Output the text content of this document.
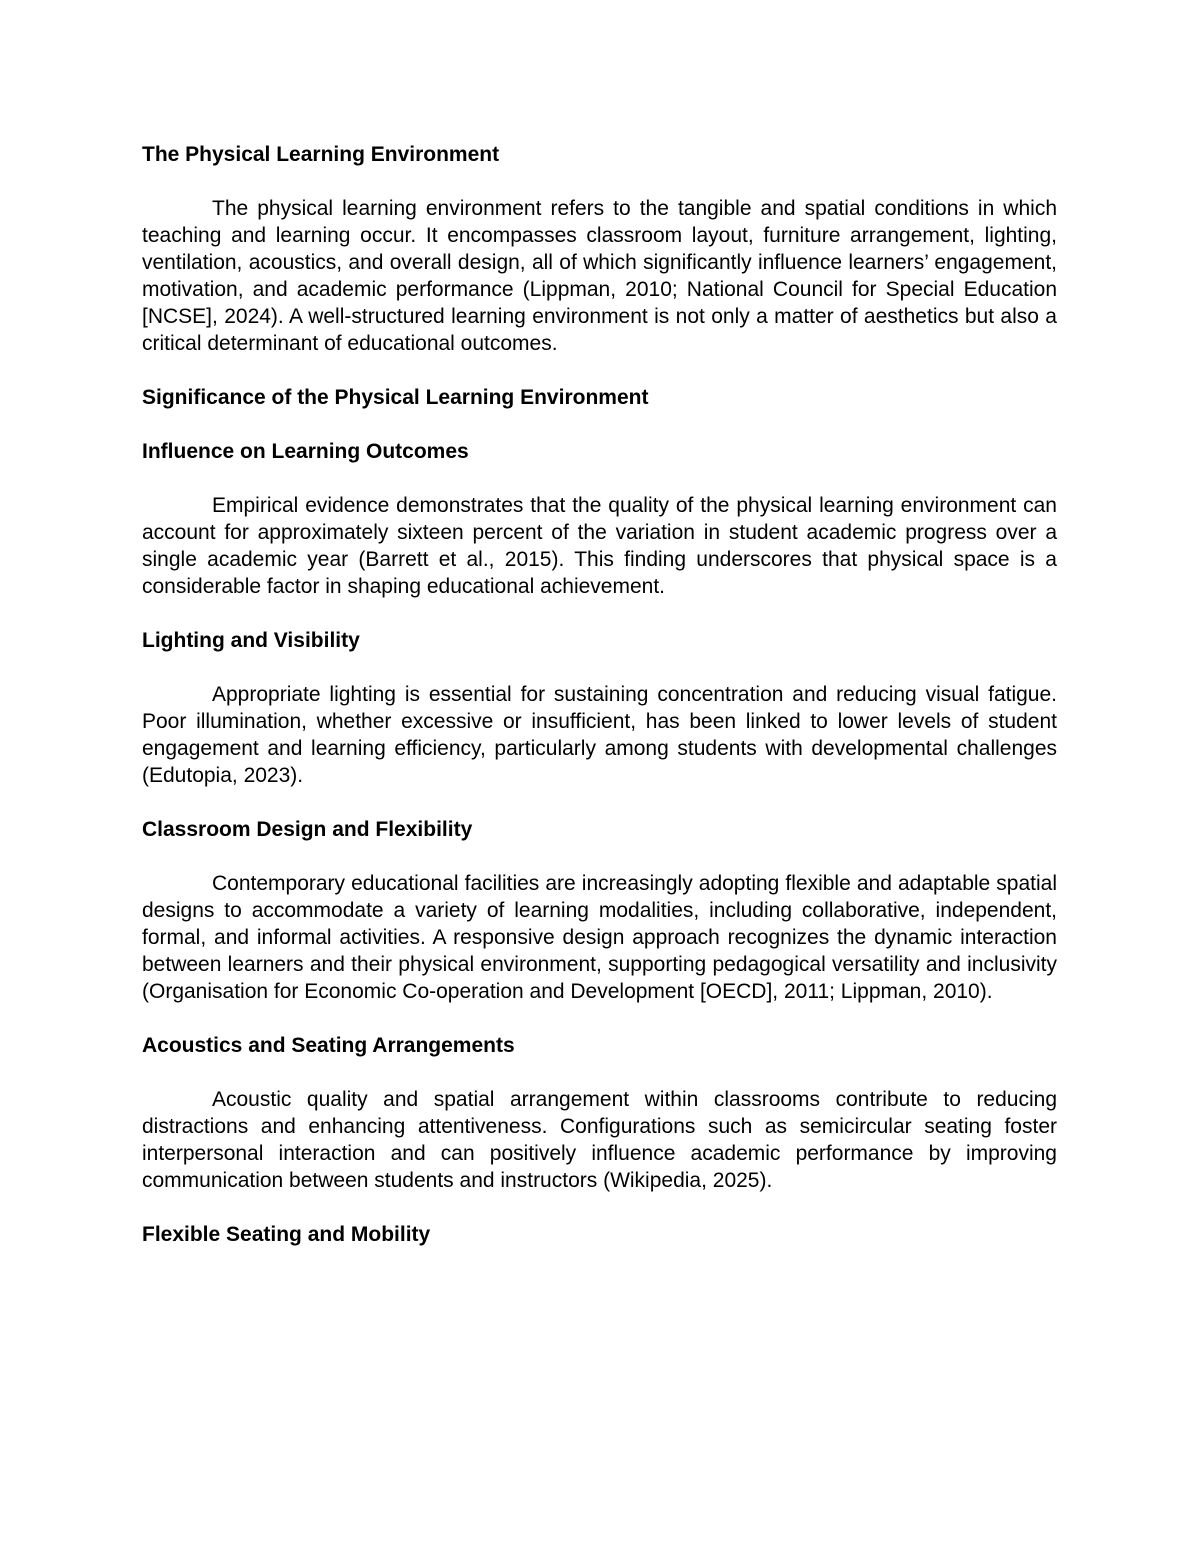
The Physical Learning Environment
The physical learning environment refers to the tangible and spatial conditions in which teaching and learning occur. It encompasses classroom layout, furniture arrangement, lighting, ventilation, acoustics, and overall design, all of which significantly influence learners’ engagement, motivation, and academic performance (Lippman, 2010; National Council for Special Education [NCSE], 2024). A well-structured learning environment is not only a matter of aesthetics but also a critical determinant of educational outcomes.
Significance of the Physical Learning Environment
Influence on Learning Outcomes
Empirical evidence demonstrates that the quality of the physical learning environment can account for approximately sixteen percent of the variation in student academic progress over a single academic year (Barrett et al., 2015). This finding underscores that physical space is a considerable factor in shaping educational achievement.
Lighting and Visibility
Appropriate lighting is essential for sustaining concentration and reducing visual fatigue. Poor illumination, whether excessive or insufficient, has been linked to lower levels of student engagement and learning efficiency, particularly among students with developmental challenges (Edutopia, 2023).
Classroom Design and Flexibility
Contemporary educational facilities are increasingly adopting flexible and adaptable spatial designs to accommodate a variety of learning modalities, including collaborative, independent, formal, and informal activities. A responsive design approach recognizes the dynamic interaction between learners and their physical environment, supporting pedagogical versatility and inclusivity (Organisation for Economic Co-operation and Development [OECD], 2011; Lippman, 2010).
Acoustics and Seating Arrangements
Acoustic quality and spatial arrangement within classrooms contribute to reducing distractions and enhancing attentiveness. Configurations such as semicircular seating foster interpersonal interaction and can positively influence academic performance by improving communication between students and instructors (Wikipedia, 2025).
Flexible Seating and Mobility
